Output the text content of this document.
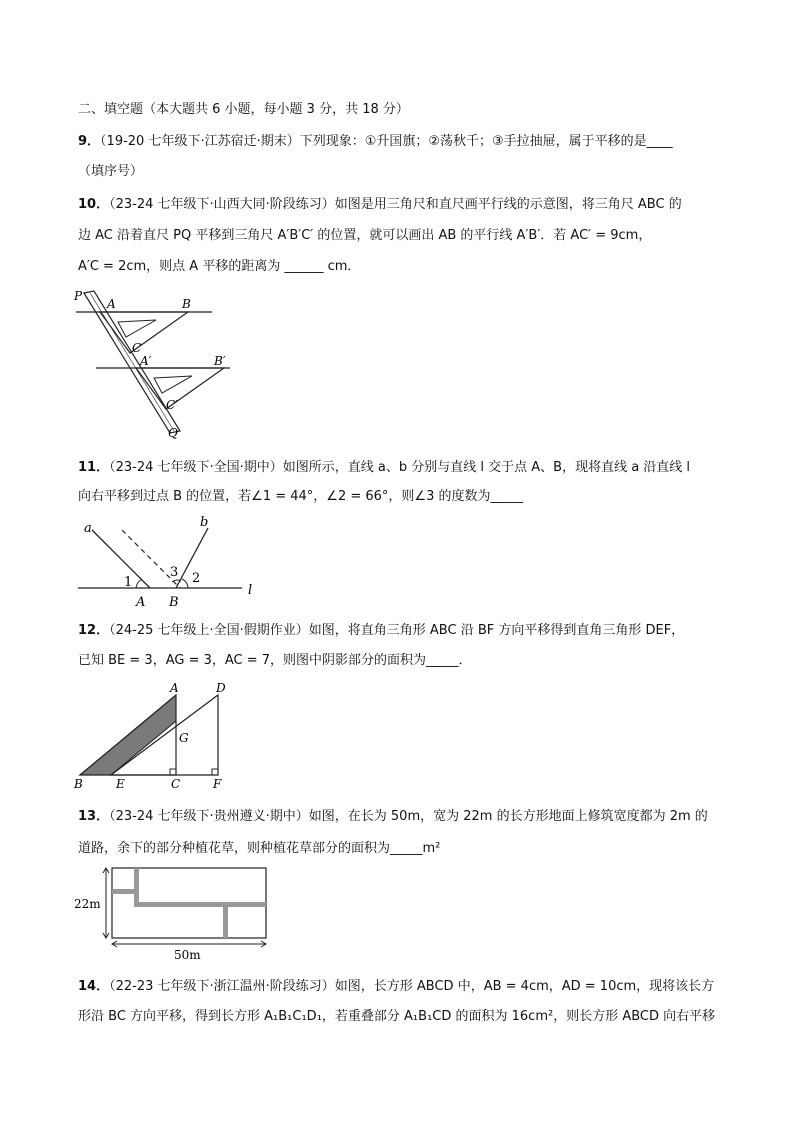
二、填空题（本大题共 6 小题，每小题 3 分，共 18 分）
9．（19-20 七年级下·江苏宿迁·期末）下列现象：①升国旗；②荡秋千；③手拉抽屉，属于平移的是____
（填序号）
10．（23-24 七年级下·山西大同·阶段练习）如图是用三角尺和直尺画平行线的示意图，将三角尺 ABC 的
边 AC 沿着直尺 PQ 平移到三角尺 A′B′C′ 的位置，就可以画出 AB 的平行线 A′B′．若 AC′ = 9cm，
A′C = 2cm，则点 A 平移的距离为 ______ cm．
P
A	B
C
A′	B′
C′
Q
11．（23-24 七年级下·全国·期中）如图所示，直线 a、b 分别与直线 l 交于点 A、B，现将直线 a 沿直线 l
向右平移到过点 B 的位置，若∠1 = 44°，∠2 = 66°，则∠3 的度数为_____
a	b
l
1	2
3
A B
12．（24-25 七年级上·全国·假期作业）如图，将直角三角形 ABC 沿 BF 方向平移得到直角三角形 DEF，
已知 BE = 3，AG = 3，AC = 7，则图中阴影部分的面积为_____．
A	D
G
B	E	C	F
13．（23-24 七年级下·贵州遵义·期中）如图，在长为 50m，宽为 22m 的长方形地面上修筑宽度都为 2m 的
道路，余下的部分种植花草，则种植花草部分的面积为_____m²
22m
50m
14．（22-23 七年级下·浙江温州·阶段练习）如图，长方形 ABCD 中，AB = 4cm，AD = 10cm，现将该长方
形沿 BC 方向平移，得到长方形 A₁B₁C₁D₁，若重叠部分 A₁B₁CD 的面积为 16cm²，则长方形 ABCD 向右平移
